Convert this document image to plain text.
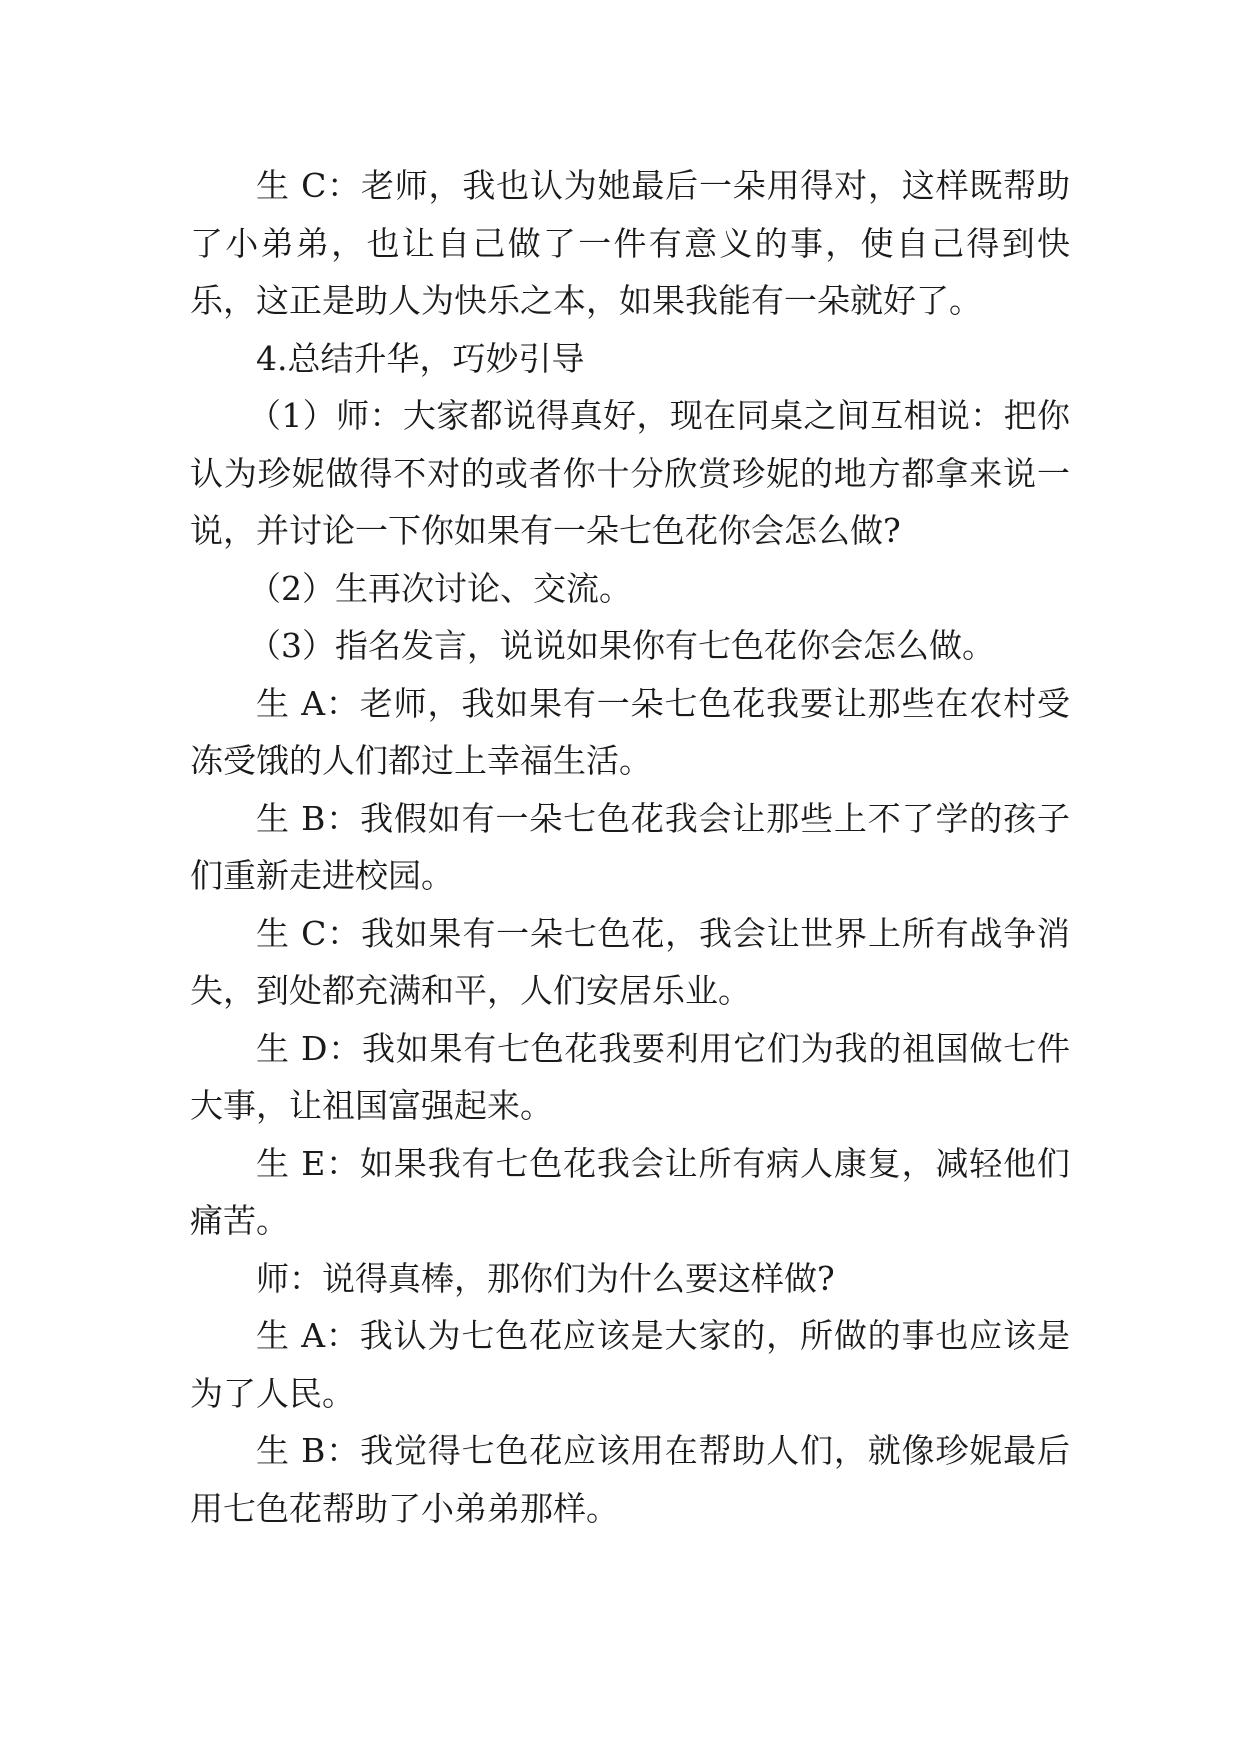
生 C：老师，我也认为她最后一朵用得对，这样既帮助了小弟弟，也让自己做了一件有意义的事，使自己得到快乐，这正是助人为快乐之本，如果我能有一朵就好了。

4.总结升华，巧妙引导

（1）师：大家都说得真好，现在同桌之间互相说：把你认为珍妮做得不对的或者你十分欣赏珍妮的地方都拿来说一说，并讨论一下你如果有一朵七色花你会怎么做?

（2）生再次讨论、交流。

（3）指名发言，说说如果你有七色花你会怎么做。

生 A：老师，我如果有一朵七色花我要让那些在农村受冻受饿的人们都过上幸福生活。

生 B：我假如有一朵七色花我会让那些上不了学的孩子们重新走进校园。

生 C：我如果有一朵七色花，我会让世界上所有战争消失，到处都充满和平，人们安居乐业。

生 D：我如果有七色花我要利用它们为我的祖国做七件大事，让祖国富强起来。

生 E：如果我有七色花我会让所有病人康复，减轻他们痛苦。

师：说得真棒，那你们为什么要这样做?

生 A：我认为七色花应该是大家的，所做的事也应该是为了人民。

生 B：我觉得七色花应该用在帮助人们，就像珍妮最后用七色花帮助了小弟弟那样。
